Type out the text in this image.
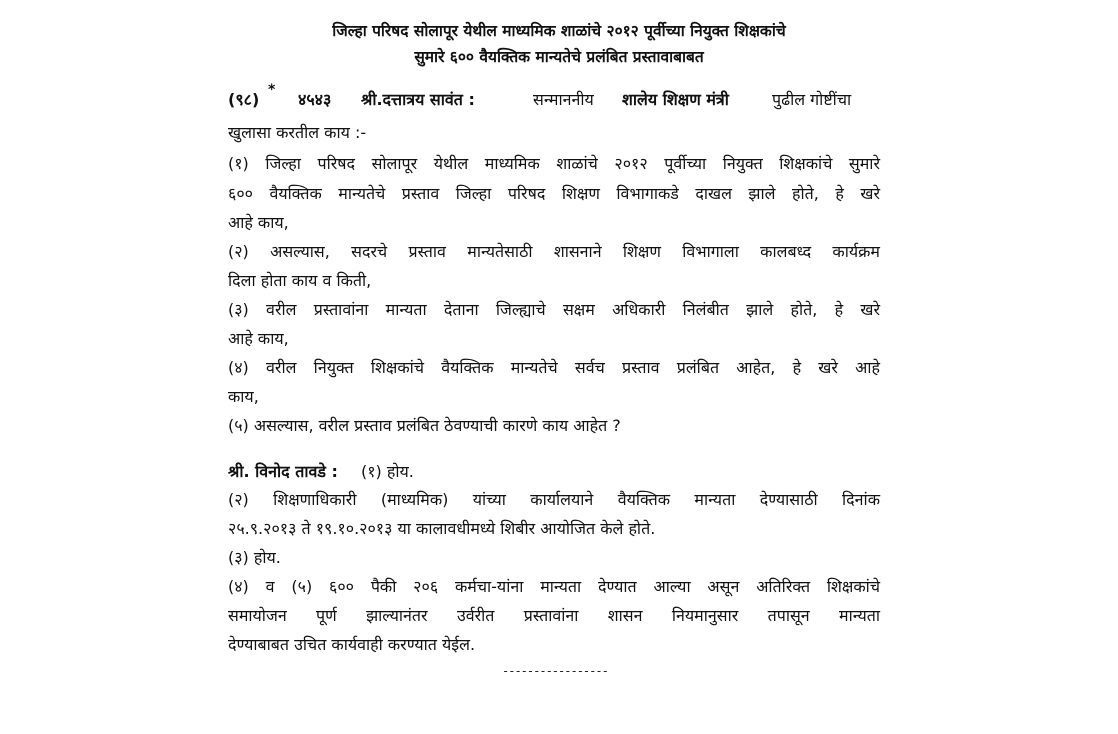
जिल्हा परिषद सोलापूर येथील माध्यमिक शाळांचे २०१२ पूर्वीच्या नियुक्त शिक्षकांचे
सुमारे ६०० वैयक्तिक मान्यतेचे प्रलंबित प्रस्तावाबाबत
(९८) * ४५४३ श्री.दत्तात्रय सावंत :	सन्माननीय शालेय शिक्षण मंत्री	पुढील गोष्टींचा
खुलासा करतील काय :-
(१) जिल्हा परिषद सोलापूर येथील माध्यमिक शाळांचे २०१२ पूर्वीच्या नियुक्त शिक्षकांचे सुमारे
६०० वैयक्तिक मान्यतेचे प्रस्ताव जिल्हा परिषद शिक्षण विभागाकडे दाखल झाले होते, हे खरे
आहे काय,
(२) असल्यास, सदरचे प्रस्ताव मान्यतेसाठी शासनाने शिक्षण विभागाला कालबध्द कार्यक्रम
दिला होता काय व किती,
(३) वरील प्रस्तावांना मान्यता देताना जिल्ह्याचे सक्षम अधिकारी निलंबीत झाले होते, हे खरे
आहे काय,
(४) वरील नियुक्त शिक्षकांचे वैयक्तिक मान्यतेचे सर्वच प्रस्ताव प्रलंबित आहेत, हे खरे आहे
काय,
(५) असल्यास, वरील प्रस्ताव प्रलंबित ठेवण्याची कारणे काय आहेत ?
श्री. विनोद तावडे : (१) होय.
(२) शिक्षणाधिकारी (माध्यमिक) यांच्या कार्यालयाने वैयक्तिक मान्यता देण्यासाठी दिनांक
२५.९.२०१३ ते १९.१०.२०१३ या कालावधीमध्ये शिबीर आयोजित केले होते.
(३) होय.
(४) व (५) ६०० पैकी २०६ कर्मचा-यांना मान्यता देण्यात आल्या असून अतिरिक्त शिक्षकांचे
समायोजन पूर्ण झाल्यानंतर उर्वरीत प्रस्तावांना शासन नियमानुसार तपासून मान्यता
देण्याबाबत उचित कार्यवाही करण्यात येईल.
-----------------
